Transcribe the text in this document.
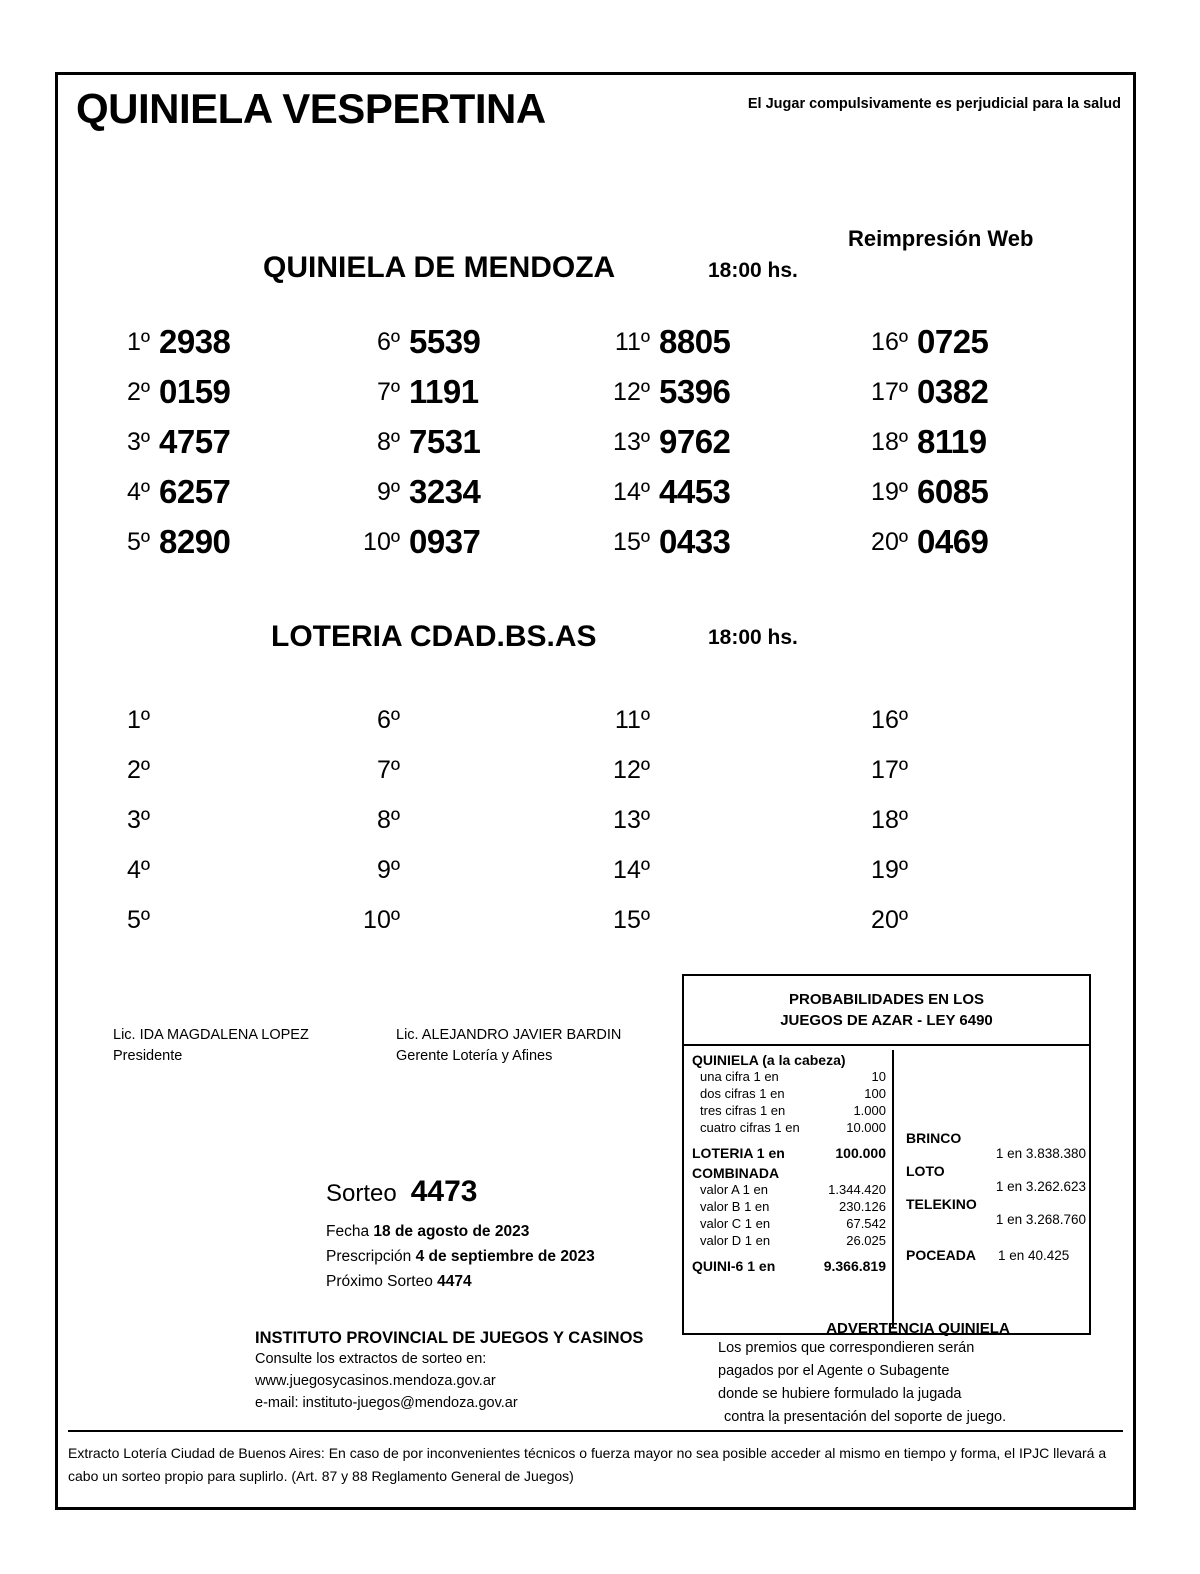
QUINIELA VESPERTINA	El Jugar compulsivamente es perjudicial para la salud
QUINIELA DE MENDOZA	18:00 hs.
Reimpresión Web
1º 2938	6º 5539	11º 8805	16º 0725
2º 0159	7º 1191	12º 5396	17º 0382
3º 4757	8º 7531	13º 9762	18º 8119
4º 6257	9º 3234	14º 4453	19º 6085
5º 8290	10º 0937	15º 0433	20º 0469
LOTERIA CDAD.BS.AS	18:00 hs.
1º	6º	11º	16º
2º	7º	12º	17º
3º	8º	13º	18º
4º	9º	14º	19º
5º	10º	15º	20º
Lic. IDA MAGDALENA LOPEZ
Presidente
Lic. ALEJANDRO JAVIER BARDIN
Gerente Lotería y Afines
Sorteo 4473
Fecha 18 de agosto de 2023
Prescripción 4 de septiembre de 2023
Próximo Sorteo 4474
PROBABILIDADES EN LOS
JUEGOS DE AZAR - LEY 6490
QUINIELA (a la cabeza)
una cifra 1 en	10
dos cifras 1 en	100
tres cifras 1 en	1.000
cuatro cifras 1 en	10.000
LOTERIA 1 en	100.000
COMBINADA
valor A 1 en	1.344.420
valor B 1 en	230.126
valor C 1 en	67.542
valor D 1 en	26.025
QUINI-6 1 en	9.366.819
BRINCO
1 en 3.838.380
LOTO
1 en 3.262.623
TELEKINO
1 en 3.268.760
POCEADA 1 en 40.425
INSTITUTO PROVINCIAL DE JUEGOS Y CASINOS
Consulte los extractos de sorteo en:
www.juegosycasinos.mendoza.gov.ar
e-mail: instituto-juegos@mendoza.gov.ar
ADVERTENCIA QUINIELA
Los premios que correspondieren serán
pagados por el Agente o Subagente
donde se hubiere formulado la jugada
contra la presentación del soporte de juego.
Extracto Lotería Ciudad de Buenos Aires: En caso de por inconvenientes técnicos o fuerza mayor no sea posible acceder al mismo en tiempo y forma, el IPJC llevará a cabo un sorteo propio para suplirlo. (Art. 87 y 88 Reglamento General de Juegos)
